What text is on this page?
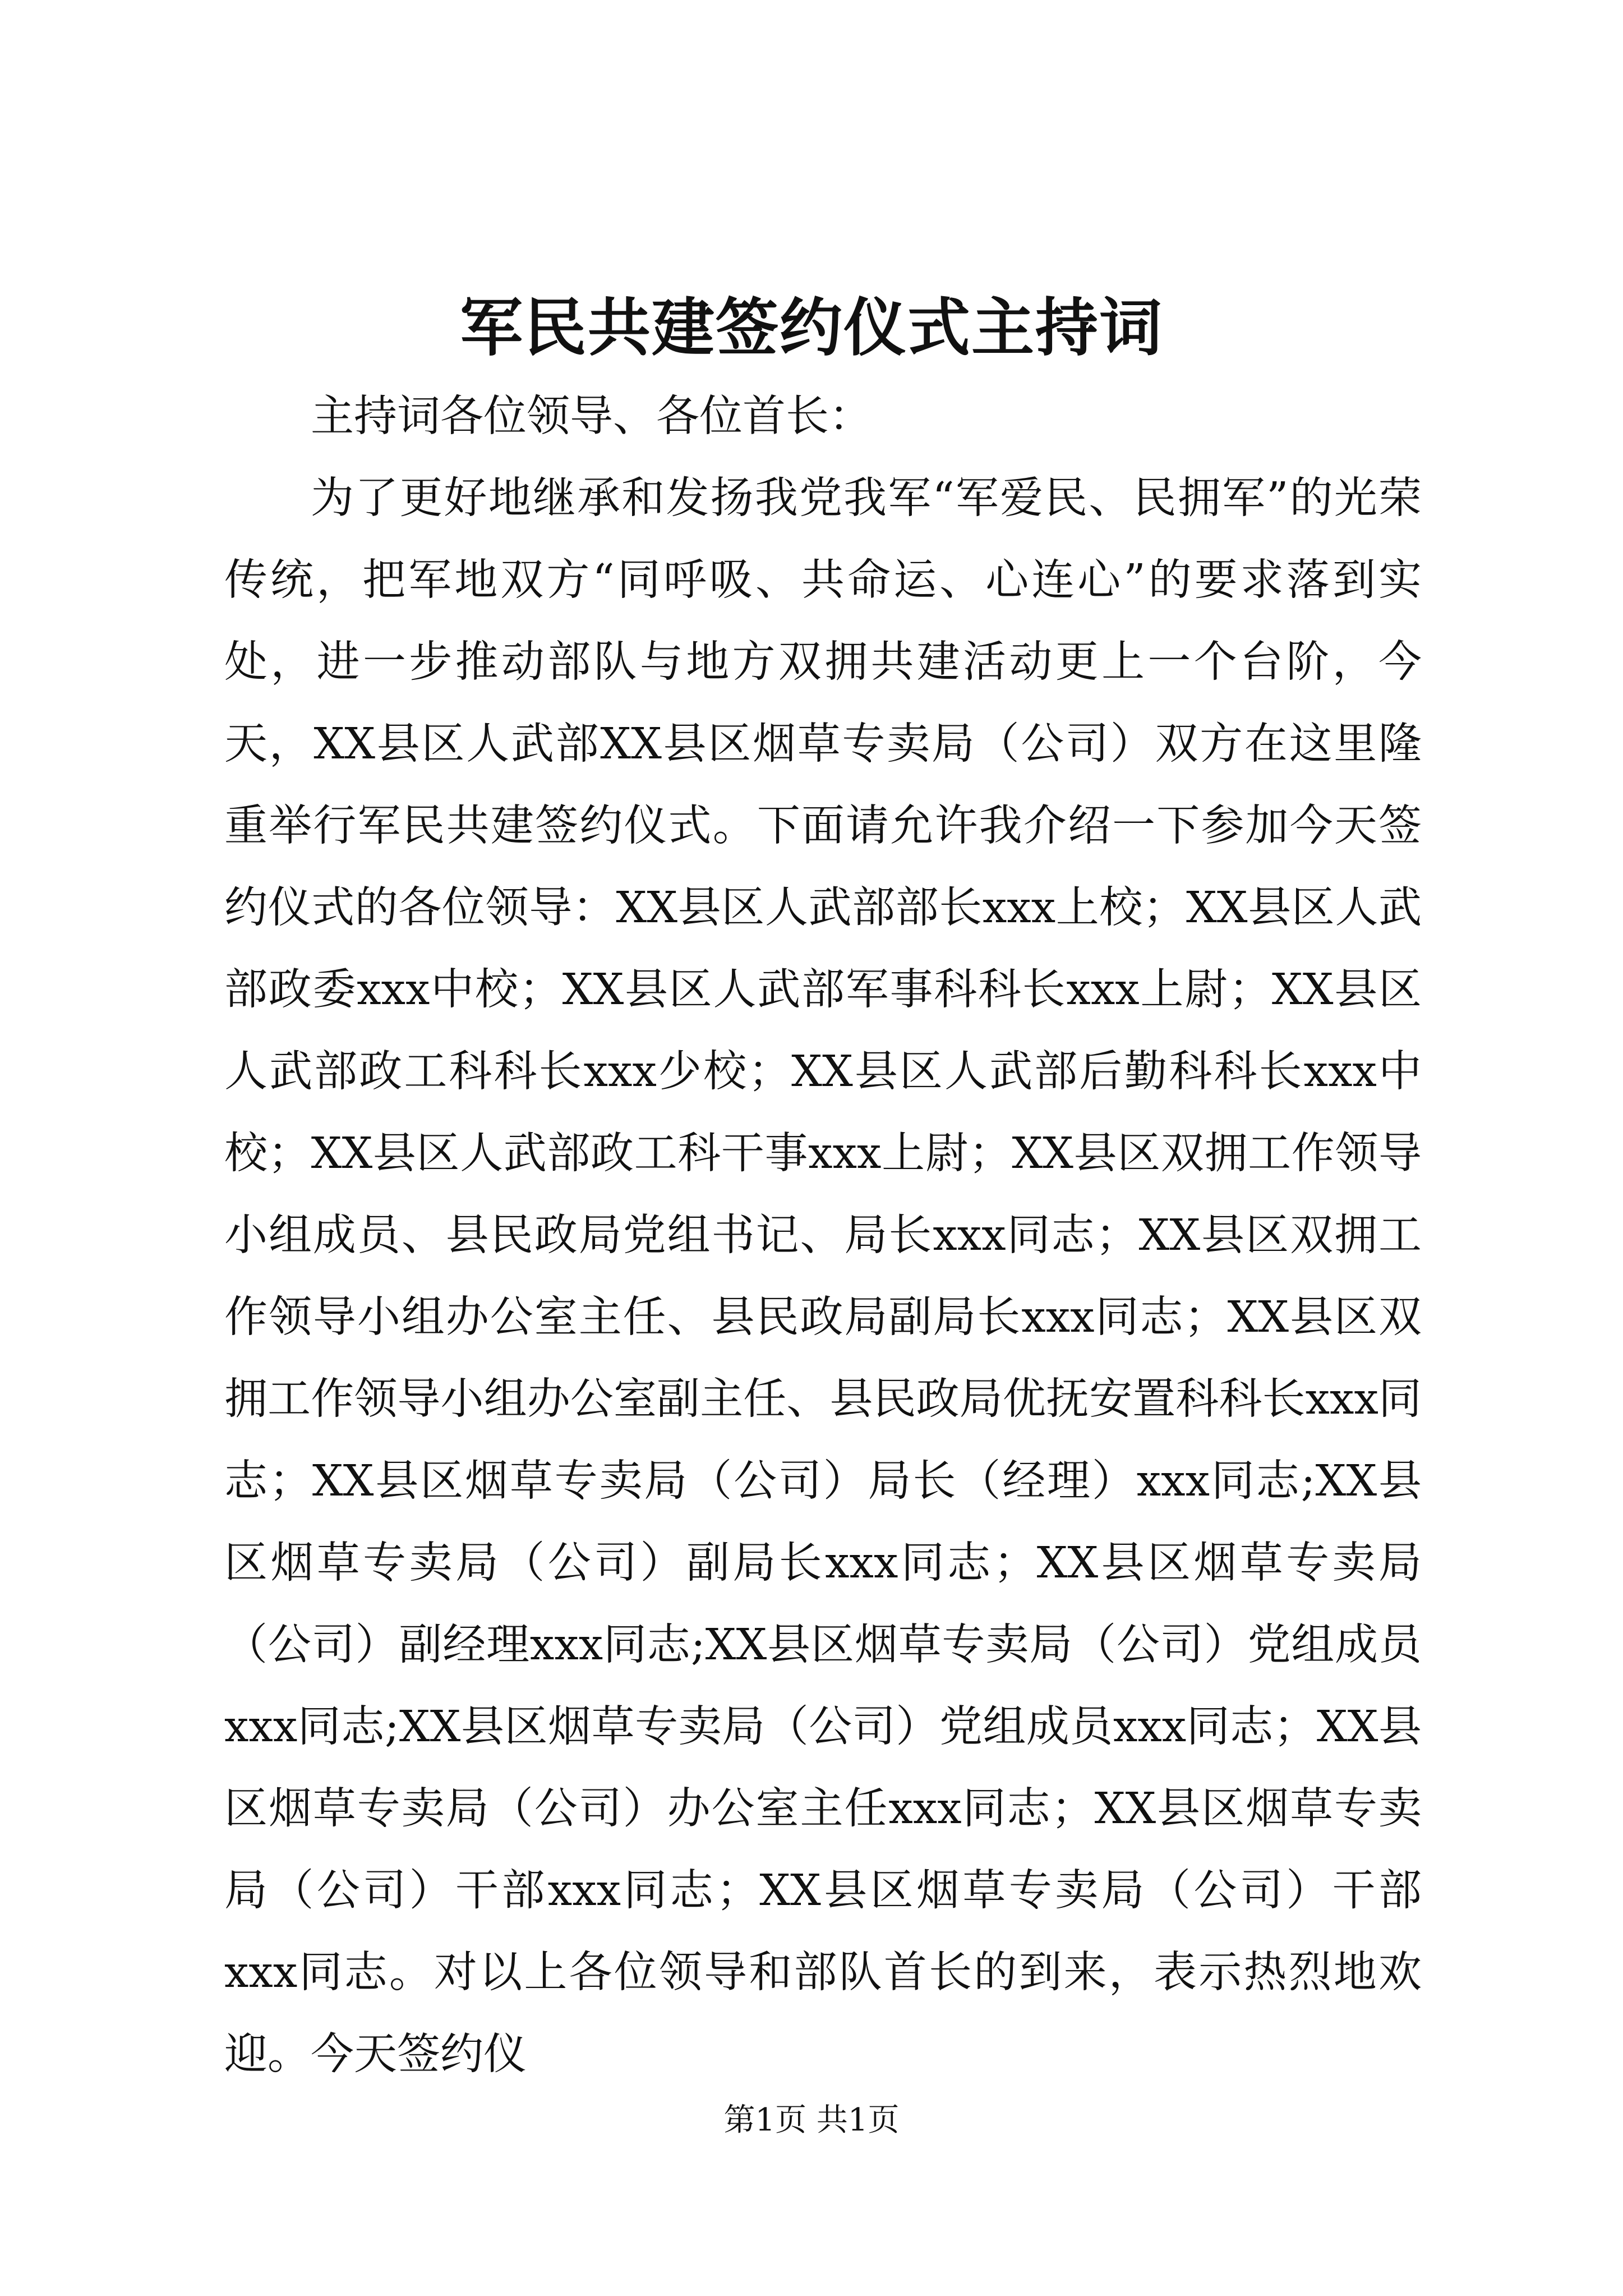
军民共建签约仪式主持词

主持词各位领导、各位首长：

为了更好地继承和发扬我党我军“军爱民、民拥军”的光荣传统，把军地双方“同呼吸、共命运、心连心”的要求落到实处，进一步推动部队与地方双拥共建活动更上一个台阶，今天，XX县区人武部XX县区烟草专卖局（公司）双方在这里隆重举行军民共建签约仪式。下面请允许我介绍一下参加今天签约仪式的各位领导：XX县区人武部部长xxx上校；XX县区人武部政委xxx中校；XX县区人武部军事科科长xxx上尉；XX县区人武部政工科科长xxx少校；XX县区人武部后勤科科长xxx中校；XX县区人武部政工科干事xxx上尉；XX县区双拥工作领导小组成员、县民政局党组书记、局长xxx同志；XX县区双拥工作领导小组办公室主任、县民政局副局长xxx同志；XX县区双拥工作领导小组办公室副主任、县民政局优抚安置科科长xxx同志；XX县区烟草专卖局（公司）局长（经理）xxx同志;XX县区烟草专卖局（公司）副局长xxx同志；XX县区烟草专卖局（公司）副经理xxx同志;XX县区烟草专卖局（公司）党组成员xxx同志;XX县区烟草专卖局（公司）党组成员xxx同志；XX县区烟草专卖局（公司）办公室主任xxx同志；XX县区烟草专卖局（公司）干部xxx同志；XX县区烟草专卖局（公司）干部xxx同志。对以上各位领导和部队首长的到来，表示热烈地欢迎。今天签约仪

第1页 共1页
